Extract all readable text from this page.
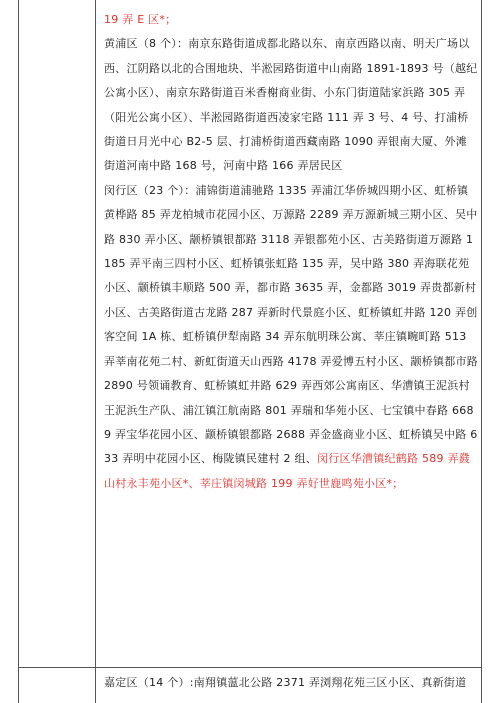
19 弄 E 区*；

黄浦区（8 个）：南京东路街道成都北路以东、南京西路以南、明天广场以西、江阴路以北的合围地块、半淞园路街道中山南路 1891-1893 号（越纪公寓小区）、南京东路街道百米香榭商业街、小东门街道陆家浜路 305 弄（阳光公寓小区）、半淞园路街道西凌家宅路 111 弄 3 号、4 号、打浦桥街道日月光中心 B2-5 层、打浦桥街道西藏南路 1090 弄银南大厦、外滩街道河南中路 168 号，河南中路 166 弄居民区

闵行区（23 个）：浦锦街道浦驰路 1335 弄浦江华侨城四期小区、虹桥镇黄桦路 85 弄龙柏城市花园小区、万源路 2289 弄万源新城三期小区、吴中路 830 弄小区、颛桥镇银都路 3118 弄银都苑小区、古美路街道万源路 1185 弄平南三四村小区、虹桥镇张虹路 135 弄，吴中路 380 弄海联花苑小区、颛桥镇丰顺路 500 弄，都市路 3635 弄，金都路 3019 弄贵都新村小区、古美路街道古龙路 287 弄新时代景庭小区、虹桥镇虹井路 120 弄创客空间 1A 栋、虹桥镇伊犁南路 34 弄东航明珠公寓、莘庄镇畹町路 513 弄莘南花苑二村、新虹街道天山西路 4178 弄爱博五村小区、颛桥镇都市路 2890 号领诵教育、虹桥镇虹井路 629 弄西郊公寓南区、华漕镇王泥浜村王泥浜生产队、浦江镇江航南路 801 弄瑞和华苑小区、七宝镇中春路 6689 弄宝华花园小区、颛桥镇银都路 2688 弄金盛商业小区、虹桥镇吴中路 633 弄明中花园小区、梅陇镇民建村 2 组、闵行区华漕镇纪鹤路 589 弄鼗山村永丰苑小区*、莘庄镇闵城路 199 弄好世鹿鸣苑小区*；

嘉定区（14 个）:南翔镇蕰北公路 2371 弄浏翔花苑三区小区、真新街道
